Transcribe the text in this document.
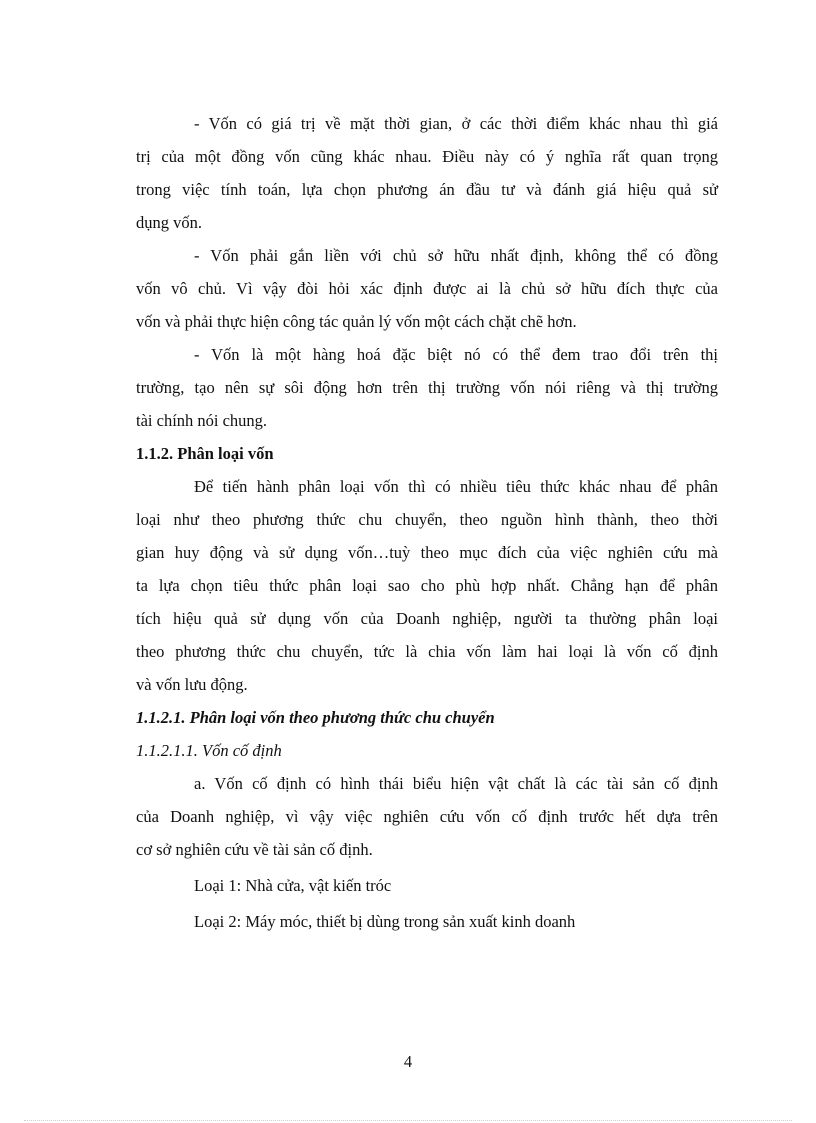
- Vốn có giá trị về mặt thời gian, ở các thời điểm khác nhau thì giá
trị của một đồng vốn cũng khác nhau. Điều này có ý nghĩa rất quan trọng
trong việc tính toán, lựa chọn phương án đầu tư và đánh giá hiệu quả sử
dụng vốn.
- Vốn phải gắn liền với chủ sở hữu nhất định, không thể có đồng
vốn vô chủ. Vì vậy đòi hỏi xác định được ai là chủ sở hữu đích thực của
vốn và phải thực hiện công tác quản lý vốn một cách chặt chẽ hơn.
- Vốn là một hàng hoá đặc biệt nó có thể đem trao đổi trên thị
trường, tạo nên sự sôi động hơn trên thị trường vốn nói riêng và thị trường
tài chính nói chung.

1.1.2. Phân loại vốn

Để tiến hành phân loại vốn thì có nhiều tiêu thức khác nhau để phân
loại như theo phương thức chu chuyển, theo nguồn hình thành, theo thời
gian huy động và sử dụng vốn…tuỳ theo mục đích của việc nghiên cứu mà
ta lựa chọn tiêu thức phân loại sao cho phù hợp nhất. Chẳng hạn để phân
tích hiệu quả sử dụng vốn của Doanh nghiệp, người ta thường phân loại
theo phương thức chu chuyển, tức là chia vốn làm hai loại là vốn cố định
và vốn lưu động.

1.1.2.1. Phân loại vốn theo phương thức chu chuyển

1.1.2.1.1. Vốn cố định

a. Vốn cố định có hình thái biểu hiện vật chất là các tài sản cố định
của Doanh nghiệp, vì vậy việc nghiên cứu vốn cố định trước hết dựa trên
cơ sở nghiên cứu về tài sản cố định.

Loại 1: Nhà cửa, vật kiến tróc

Loại 2: Máy móc, thiết bị dùng trong sản xuất kinh doanh

4
